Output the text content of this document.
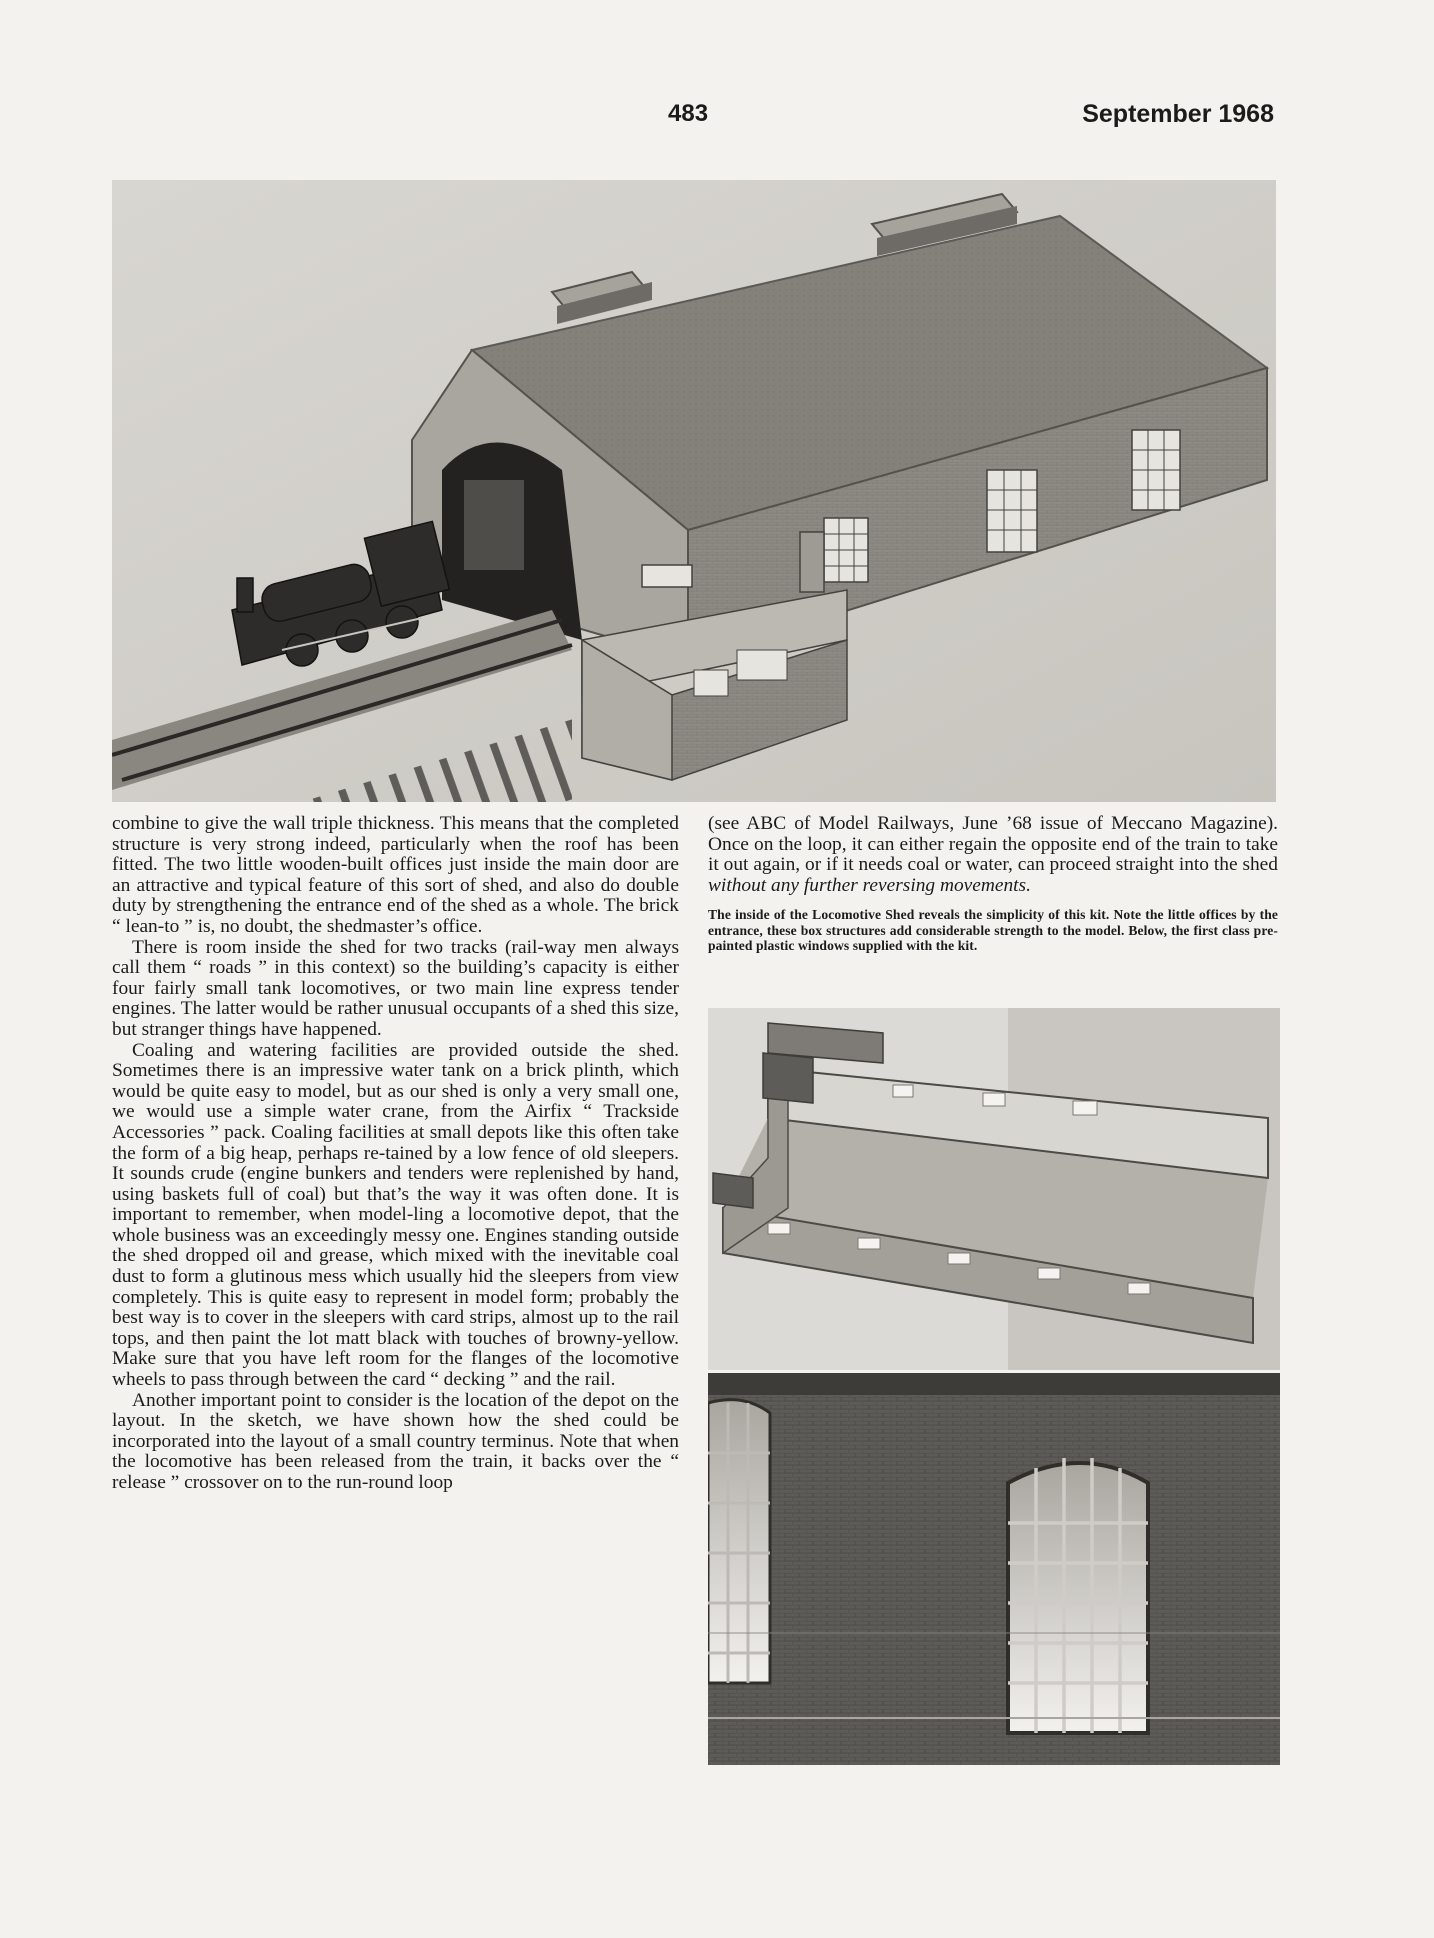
483	September 1968

combine to give the wall triple thickness. This means that the completed structure is very strong indeed, particularly when the roof has been fitted. The two little wooden-built offices just inside the main door are an attractive and typical feature of this sort of shed, and also do double duty by strengthening the entrance end of the shed as a whole. The brick “ lean-to ” is, no doubt, the shedmaster’s office.

There is room inside the shed for two tracks (rail-way men always call them “ roads ” in this context) so the building’s capacity is either four fairly small tank locomotives, or two main line express tender engines. The latter would be rather unusual occupants of a shed this size, but stranger things have happened.

Coaling and watering facilities are provided outside the shed. Sometimes there is an impressive water tank on a brick plinth, which would be quite easy to model, but as our shed is only a very small one, we would use a simple water crane, from the Airfix “ Trackside Accessories ” pack. Coaling facilities at small depots like this often take the form of a big heap, perhaps re-tained by a low fence of old sleepers. It sounds crude (engine bunkers and tenders were replenished by hand, using baskets full of coal) but that’s the way it was often done. It is important to remember, when model-ling a locomotive depot, that the whole business was an exceedingly messy one. Engines standing outside the shed dropped oil and grease, which mixed with the inevitable coal dust to form a glutinous mess which usually hid the sleepers from view completely. This is quite easy to represent in model form; probably the best way is to cover in the sleepers with card strips, almost up to the rail tops, and then paint the lot matt black with touches of browny-yellow. Make sure that you have left room for the flanges of the locomotive wheels to pass through between the card “ decking ” and the rail.

Another important point to consider is the location of the depot on the layout. In the sketch, we have shown how the shed could be incorporated into the layout of a small country terminus. Note that when the locomotive has been released from the train, it backs over the “ release ” crossover on to the run-round loop

(see ABC of Model Railways, June ’68 issue of Meccano Magazine). Once on the loop, it can either regain the opposite end of the train to take it out again, or if it needs coal or water, can proceed straight into the shed without any further reversing movements.

The inside of the Locomotive Shed reveals the simplicity of this kit. Note the little offices by the entrance, these box structures add considerable strength to the model. Below, the first class pre-painted plastic windows supplied with the kit.
